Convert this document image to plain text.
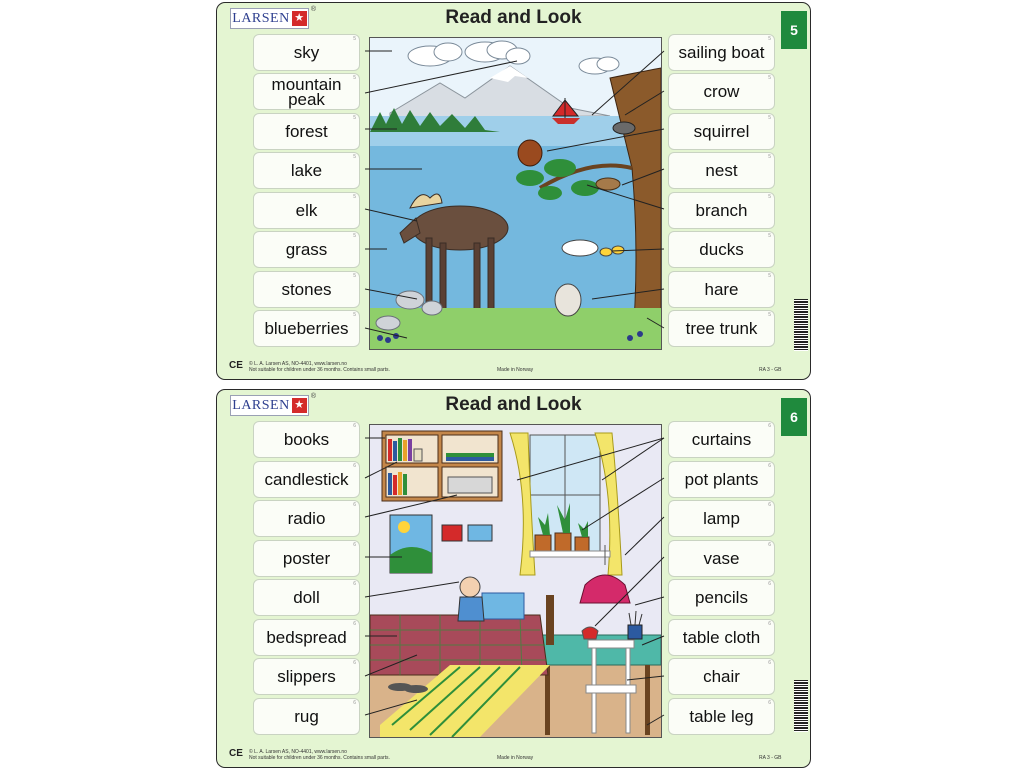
LARSEN ★
®	Read and Look
5
sky
5
mountain peak
5
forest
5
lake
5
elk
5
grass
5
stones
5
blueberries
5
sailing boat
5
crow
5
squirrel
5
nest
5
branch
5
ducks
5
hare
5
tree trunk
5
CE © L. A. Larsen AS, NO-4401, www.larsen.no
Not suitable for children under 36 months. Contains small parts.	Made in Norway	RA 3 - GB
LARSEN ★
®	Read and Look
6
books
6
candlestick
6
radio
6
poster
6
doll
6
bedspread
6
slippers
6
rug
6
curtains
6
pot plants
6
lamp
6
vase
6
pencils
6
table cloth
6
chair
6
table leg
6
CE © L. A. Larsen AS, NO-4401, www.larsen.no
Not suitable for children under 36 months. Contains small parts.	Made in Norway	RA 3 - GB
